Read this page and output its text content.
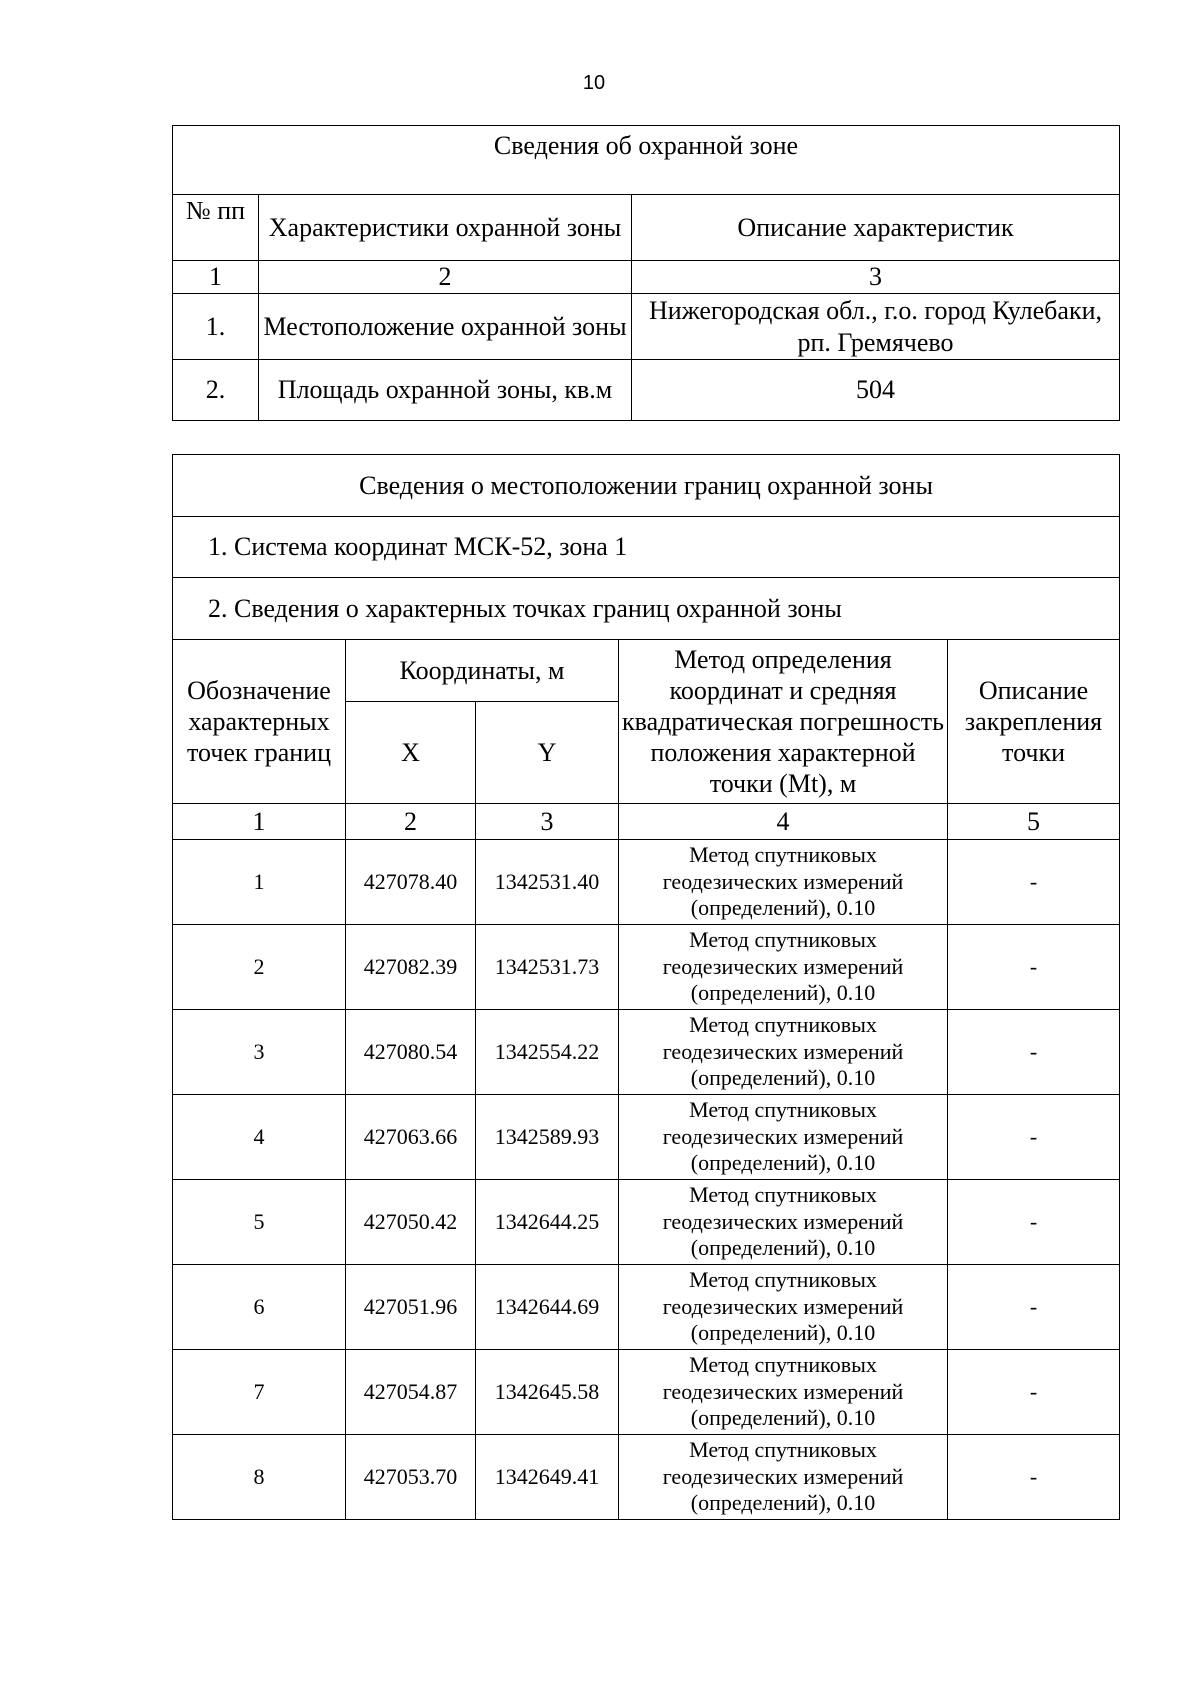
10
Сведения об охранной зоне		
№ пп	Характеристики охранной зоны	Описание характеристик
1	2	3
1.	Местоположение охранной зоны	Нижегородская обл., г.о. город Кулебаки, рп. Гремячево
2.	Площадь охранной зоны, кв.м	504
Сведения о местоположении границ охранной зоны				
1. Система координат МСК-52, зона 1				
2. Сведения о характерных точках границ охранной зоны				
Обозначение характерных точек границ	Координаты, м		Метод определения координат и средняя квадратическая погрешность положения характерной точки (Mt), м	Описание закрепления точки
	X	Y		
1	2	3	4	5
1	427078.40	1342531.40	Метод спутниковых геодезических измерений (определений), 0.10	-
2	427082.39	1342531.73	Метод спутниковых геодезических измерений (определений), 0.10	-
3	427080.54	1342554.22	Метод спутниковых геодезических измерений (определений), 0.10	-
4	427063.66	1342589.93	Метод спутниковых геодезических измерений (определений), 0.10	-
5	427050.42	1342644.25	Метод спутниковых геодезических измерений (определений), 0.10	-
6	427051.96	1342644.69	Метод спутниковых геодезических измерений (определений), 0.10	-
7	427054.87	1342645.58	Метод спутниковых геодезических измерений (определений), 0.10	-
8	427053.70	1342649.41	Метод спутниковых геодезических измерений (определений), 0.10	-
